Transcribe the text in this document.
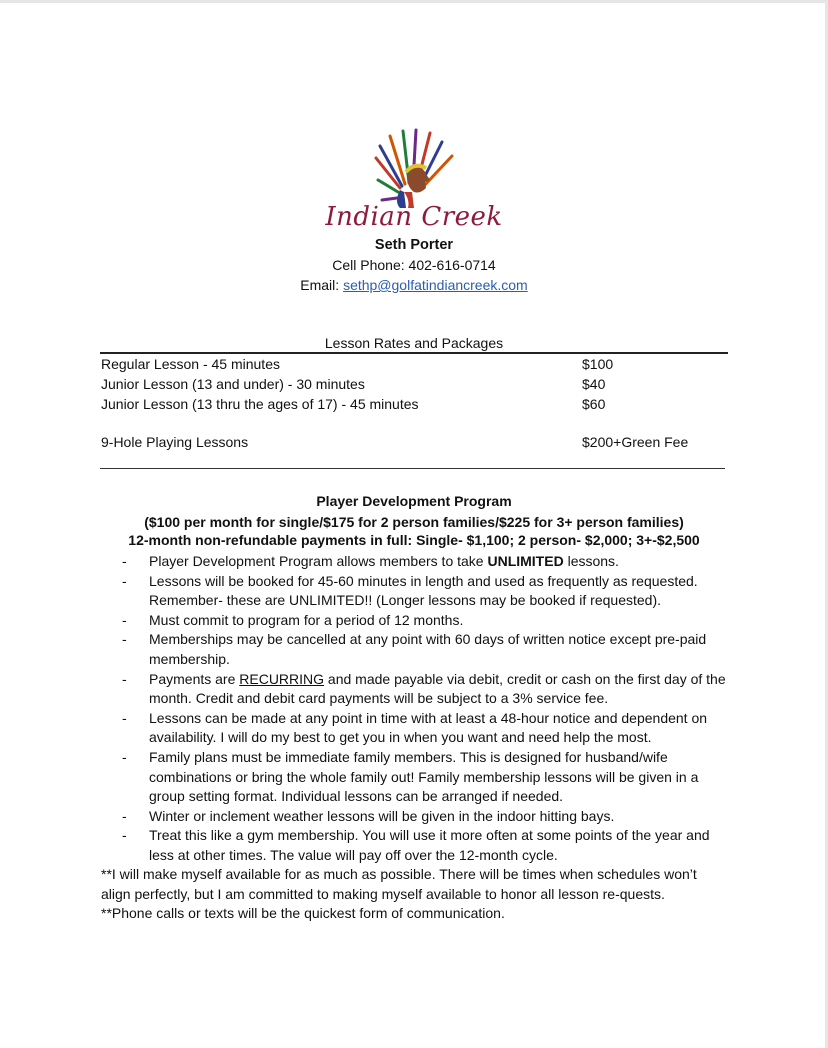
Indian Creek
Seth Porter
Cell Phone: 402-616-0714
Email: sethp@golfatindiancreek.com
Lesson Rates and Packages
Regular Lesson - 45 minutes	$100
Junior Lesson (13 and under) - 30 minutes	$40
Junior Lesson (13 thru the ages of 17) - 45 minutes	$60
9-Hole Playing Lessons	$200+Green Fee
Player Development Program
($100 per month for single/$175 for 2 person families/$225 for 3+ person families)
12-month non-refundable payments in full: Single- $1,100; 2 person- $2,000; 3+-$2,500
- Player Development Program allows members to take UNLIMITED lessons.
- Lessons will be booked for 45-60 minutes in length and used as frequently as requested. Remember- these are UNLIMITED!! (Longer lessons may be booked if requested).
- Must commit to program for a period of 12 months.
- Memberships may be cancelled at any point with 60 days of written notice except pre-paid membership.
- Payments are RECURRING and made payable via debit, credit or cash on the first day of the month. Credit and debit card payments will be subject to a 3% service fee.
- Lessons can be made at any point in time with at least a 48-hour notice and dependent on availability. I will do my best to get you in when you want and need help the most.
- Family plans must be immediate family members. This is designed for husband/wife combinations or bring the whole family out! Family membership lessons will be given in a group setting format. Individual lessons can be arranged if needed.
- Winter or inclement weather lessons will be given in the indoor hitting bays.
- Treat this like a gym membership. You will use it more often at some points of the year and less at other times. The value will pay off over the 12-month cycle.

**I will make myself available for as much as possible. There will be times when schedules won’t align perfectly, but I am committed to making myself available to honor all lesson re-quests.

**Phone calls or texts will be the quickest form of communication.
